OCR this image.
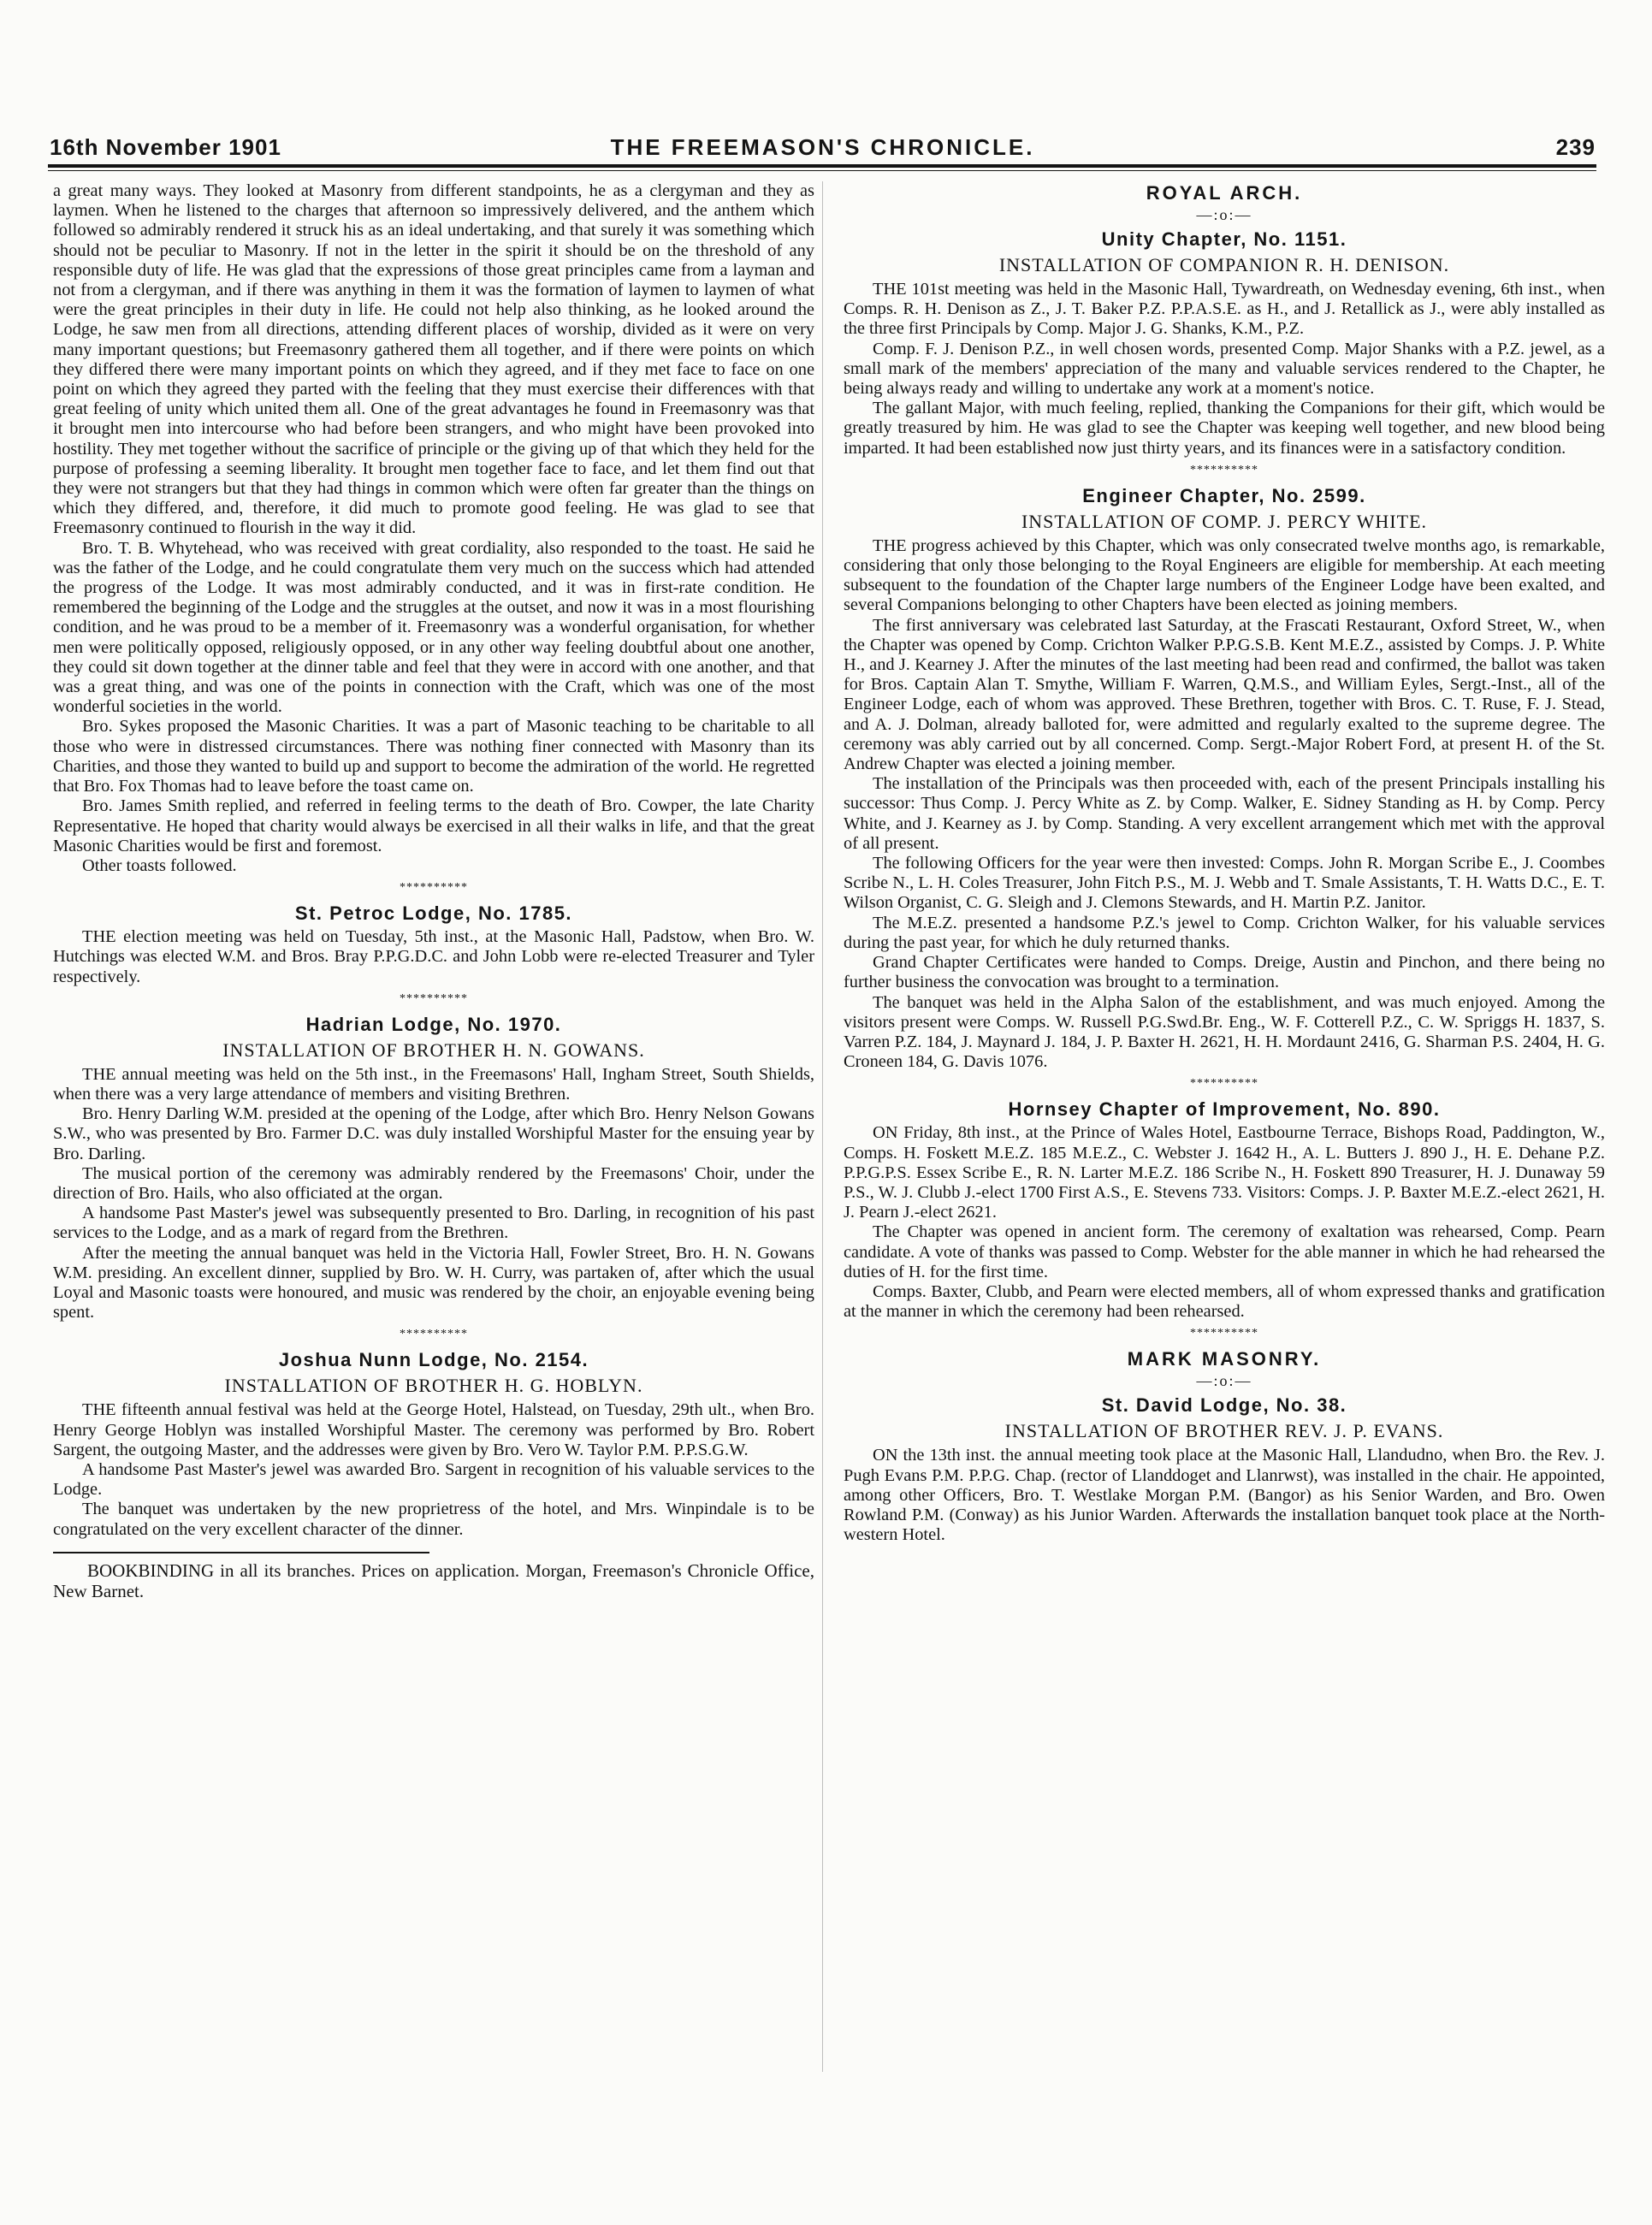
16th November 1901	THE FREEMASON'S CHRONICLE.	239

a great many ways. They looked at Masonry from different standpoints, he as a clergyman and they as laymen. When he listened to the charges that afternoon so impressively delivered, and the anthem which followed so admirably rendered it struck his as an ideal undertaking, and that surely it was something which should not be peculiar to Masonry. If not in the letter in the spirit it should be on the threshold of any responsible duty of life. He was glad that the expressions of those great principles came from a layman and not from a clergyman, and if there was anything in them it was the formation of laymen to laymen of what were the great principles in their duty in life. He could not help also thinking, as he looked around the Lodge, he saw men from all directions, attending different places of worship, divided as it were on very many important questions; but Freemasonry gathered them all together, and if there were points on which they differed there were many important points on which they agreed, and if they met face to face on one point on which they agreed they parted with the feeling that they must exercise their differences with that great feeling of unity which united them all. One of the great advantages he found in Freemasonry was that it brought men into intercourse who had before been strangers, and who might have been provoked into hostility. They met together without the sacrifice of principle or the giving up of that which they held for the purpose of professing a seeming liberality. It brought men together face to face, and let them find out that they were not strangers but that they had things in common which were often far greater than the things on which they differed, and, therefore, it did much to promote good feeling. He was glad to see that Freemasonry continued to flourish in the way it did.

Bro. T. B. Whytehead, who was received with great cordiality, also responded to the toast. He said he was the father of the Lodge, and he could congratulate them very much on the success which had attended the progress of the Lodge. It was most admirably conducted, and it was in first-rate condition. He remembered the beginning of the Lodge and the struggles at the outset, and now it was in a most flourishing condition, and he was proud to be a member of it. Freemasonry was a wonderful organisation, for whether men were politically opposed, religiously opposed, or in any other way feeling doubtful about one another, they could sit down together at the dinner table and feel that they were in accord with one another, and that was a great thing, and was one of the points in connection with the Craft, which was one of the most wonderful societies in the world.

Bro. Sykes proposed the Masonic Charities. It was a part of Masonic teaching to be charitable to all those who were in distressed circumstances. There was nothing finer connected with Masonry than its Charities, and those they wanted to build up and support to become the admiration of the world. He regretted that Bro. Fox Thomas had to leave before the toast came on.

Bro. James Smith replied, and referred in feeling terms to the death of Bro. Cowper, the late Charity Representative. He hoped that charity would always be exercised in all their walks in life, and that the great Masonic Charities would be first and foremost.

Other toasts followed.

**********
St. Petroc Lodge, No. 1785.

THE election meeting was held on Tuesday, 5th inst., at the Masonic Hall, Padstow, when Bro. W. Hutchings was elected W.M. and Bros. Bray P.P.G.D.C. and John Lobb were re-elected Treasurer and Tyler respectively.

**********
Hadrian Lodge, No. 1970.
INSTALLATION OF BROTHER H. N. GOWANS.

THE annual meeting was held on the 5th inst., in the Freemasons' Hall, Ingham Street, South Shields, when there was a very large attendance of members and visiting Brethren.

Bro. Henry Darling W.M. presided at the opening of the Lodge, after which Bro. Henry Nelson Gowans S.W., who was presented by Bro. Farmer D.C. was duly installed Worshipful Master for the ensuing year by Bro. Darling.

The musical portion of the ceremony was admirably rendered by the Freemasons' Choir, under the direction of Bro. Hails, who also officiated at the organ.

A handsome Past Master's jewel was subsequently presented to Bro. Darling, in recognition of his past services to the Lodge, and as a mark of regard from the Brethren.

After the meeting the annual banquet was held in the Victoria Hall, Fowler Street, Bro. H. N. Gowans W.M. presiding. An excellent dinner, supplied by Bro. W. H. Curry, was partaken of, after which the usual Loyal and Masonic toasts were honoured, and music was rendered by the choir, an enjoyable evening being spent.

**********
Joshua Nunn Lodge, No. 2154.
INSTALLATION OF BROTHER H. G. HOBLYN.

THE fifteenth annual festival was held at the George Hotel, Halstead, on Tuesday, 29th ult., when Bro. Henry George Hoblyn was installed Worshipful Master. The ceremony was performed by Bro. Robert Sargent, the outgoing Master, and the addresses were given by Bro. Vero W. Taylor P.M. P.P.S.G.W.

A handsome Past Master's jewel was awarded Bro. Sargent in recognition of his valuable services to the Lodge.

The banquet was undertaken by the new proprietress of the hotel, and Mrs. Winpindale is to be congratulated on the very excellent character of the dinner.

BOOKBINDING in all its branches. Prices on application. Morgan, Freemason's Chronicle Office, New Barnet.

ROYAL ARCH.
—:o:—
Unity Chapter, No. 1151.
INSTALLATION OF COMPANION R. H. DENISON.

THE 101st meeting was held in the Masonic Hall, Tywardreath, on Wednesday evening, 6th inst., when Comps. R. H. Denison as Z., J. T. Baker P.Z. P.P.A.S.E. as H., and J. Retallick as J., were ably installed as the three first Principals by Comp. Major J. G. Shanks, K.M., P.Z.

Comp. F. J. Denison P.Z., in well chosen words, presented Comp. Major Shanks with a P.Z. jewel, as a small mark of the members' appreciation of the many and valuable services rendered to the Chapter, he being always ready and willing to undertake any work at a moment's notice.

The gallant Major, with much feeling, replied, thanking the Companions for their gift, which would be greatly treasured by him. He was glad to see the Chapter was keeping well together, and new blood being imparted. It had been established now just thirty years, and its finances were in a satisfactory condition.

**********
Engineer Chapter, No. 2599.
INSTALLATION OF COMP. J. PERCY WHITE.

THE progress achieved by this Chapter, which was only consecrated twelve months ago, is remarkable, considering that only those belonging to the Royal Engineers are eligible for membership. At each meeting subsequent to the foundation of the Chapter large numbers of the Engineer Lodge have been exalted, and several Companions belonging to other Chapters have been elected as joining members.

The first anniversary was celebrated last Saturday, at the Frascati Restaurant, Oxford Street, W., when the Chapter was opened by Comp. Crichton Walker P.P.G.S.B. Kent M.E.Z., assisted by Comps. J. P. White H., and J. Kearney J. After the minutes of the last meeting had been read and confirmed, the ballot was taken for Bros. Captain Alan T. Smythe, William F. Warren, Q.M.S., and William Eyles, Sergt.-Inst., all of the Engineer Lodge, each of whom was approved. These Brethren, together with Bros. C. T. Ruse, F. J. Stead, and A. J. Dolman, already balloted for, were admitted and regularly exalted to the supreme degree. The ceremony was ably carried out by all concerned. Comp. Sergt.-Major Robert Ford, at present H. of the St. Andrew Chapter was elected a joining member.

The installation of the Principals was then proceeded with, each of the present Principals installing his successor: Thus Comp. J. Percy White as Z. by Comp. Walker, E. Sidney Standing as H. by Comp. Percy White, and J. Kearney as J. by Comp. Standing. A very excellent arrangement which met with the approval of all present.

The following Officers for the year were then invested: Comps. John R. Morgan Scribe E., J. Coombes Scribe N., L. H. Coles Treasurer, John Fitch P.S., M. J. Webb and T. Smale Assistants, T. H. Watts D.C., E. T. Wilson Organist, C. G. Sleigh and J. Clemons Stewards, and H. Martin P.Z. Janitor.

The M.E.Z. presented a handsome P.Z.'s jewel to Comp. Crichton Walker, for his valuable services during the past year, for which he duly returned thanks.

Grand Chapter Certificates were handed to Comps. Dreige, Austin and Pinchon, and there being no further business the convocation was brought to a termination.

The banquet was held in the Alpha Salon of the establishment, and was much enjoyed. Among the visitors present were Comps. W. Russell P.G.Swd.Br. Eng., W. F. Cotterell P.Z., C. W. Spriggs H. 1837, S. Varren P.Z. 184, J. Maynard J. 184, J. P. Baxter H. 2621, H. H. Mordaunt 2416, G. Sharman P.S. 2404, H. G. Croneen 184, G. Davis 1076.

**********
Hornsey Chapter of Improvement, No. 890.

ON Friday, 8th inst., at the Prince of Wales Hotel, Eastbourne Terrace, Bishops Road, Paddington, W., Comps. H. Foskett M.E.Z. 185 M.E.Z., C. Webster J. 1642 H., A. L. Butters J. 890 J., H. E. Dehane P.Z. P.P.G.P.S. Essex Scribe E., R. N. Larter M.E.Z. 186 Scribe N., H. Foskett 890 Treasurer, H. J. Dunaway 59 P.S., W. J. Clubb J.-elect 1700 First A.S., E. Stevens 733. Visitors: Comps. J. P. Baxter M.E.Z.-elect 2621, H. J. Pearn J.-elect 2621.

The Chapter was opened in ancient form. The ceremony of exaltation was rehearsed, Comp. Pearn candidate. A vote of thanks was passed to Comp. Webster for the able manner in which he had rehearsed the duties of H. for the first time.

Comps. Baxter, Clubb, and Pearn were elected members, all of whom expressed thanks and gratification at the manner in which the ceremony had been rehearsed.

**********
MARK MASONRY.
—:o:—
St. David Lodge, No. 38.
INSTALLATION OF BROTHER REV. J. P. EVANS.

ON the 13th inst. the annual meeting took place at the Masonic Hall, Llandudno, when Bro. the Rev. J. Pugh Evans P.M. P.P.G. Chap. (rector of Llanddoget and Llanrwst), was installed in the chair. He appointed, among other Officers, Bro. T. Westlake Morgan P.M. (Bangor) as his Senior Warden, and Bro. Owen Rowland P.M. (Conway) as his Junior Warden. Afterwards the installation banquet took place at the North-western Hotel.
